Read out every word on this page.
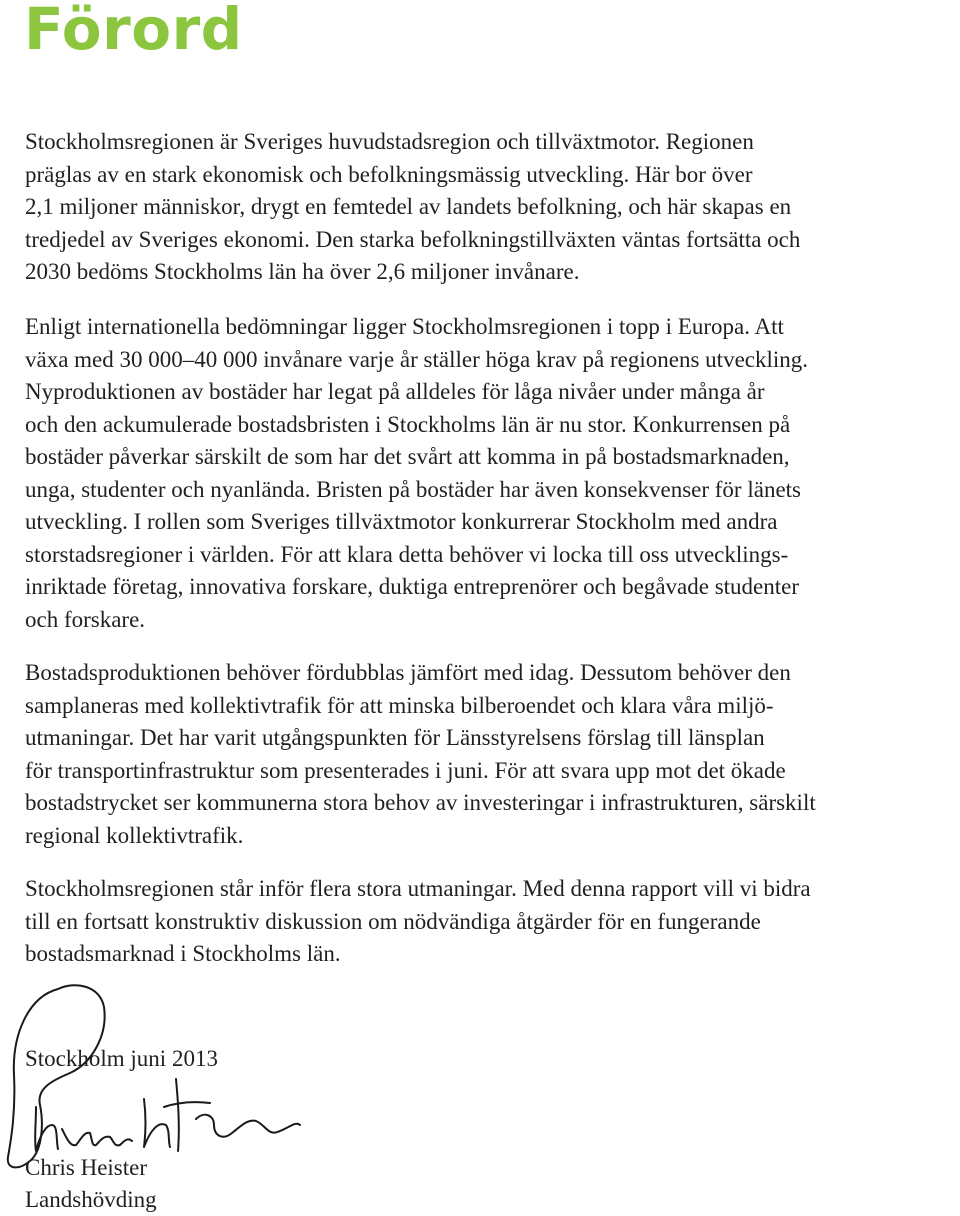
Förord

Stockholmsregionen är Sveriges huvudstadsregion och tillväxtmotor. Regionen
präglas av en stark ekonomisk och befolkningsmässig utveckling. Här bor över
2,1 miljoner människor, drygt en femtedel av landets befolkning, och här skapas en
tredjedel av Sveriges ekonomi. Den starka befolkningstillväxten väntas fortsätta och
2030 bedöms Stockholms län ha över 2,6 miljoner invånare.

Enligt internationella bedömningar ligger Stockholmsregionen i topp i Europa. Att
växa med 30 000–40 000 invånare varje år ställer höga krav på regionens utveckling.
Nyproduktionen av bostäder har legat på alldeles för låga nivåer under många år
och den ackumulerade bostadsbristen i Stockholms län är nu stor. Konkurrensen på
bostäder påverkar särskilt de som har det svårt att komma in på bostadsmarknaden,
unga, studenter och nyanlända. Bristen på bostäder har även konsekvenser för länets
utveckling. I rollen som Sveriges tillväxtmotor konkurrerar Stockholm med andra
storstadsregioner i världen. För att klara detta behöver vi locka till oss utvecklings-
inriktade företag, innovativa forskare, duktiga entreprenörer och begåvade studenter
och forskare.

Bostadsproduktionen behöver fördubblas jämfört med idag. Dessutom behöver den
samplaneras med kollektivtrafik för att minska bilberoendet och klara våra miljö-
utmaningar. Det har varit utgångspunkten för Länsstyrelsens förslag till länsplan
för transportinfrastruktur som presenterades i juni. För att svara upp mot det ökade
bostadstrycket ser kommunerna stora behov av investeringar i infrastrukturen, särskilt
regional kollektivtrafik.

Stockholmsregionen står inför flera stora utmaningar. Med denna rapport vill vi bidra
till en fortsatt konstruktiv diskussion om nödvändiga åtgärder för en fungerande
bostadsmarknad i Stockholms län.

Stockholm juni 2013

Chris Heister

Landshövding
